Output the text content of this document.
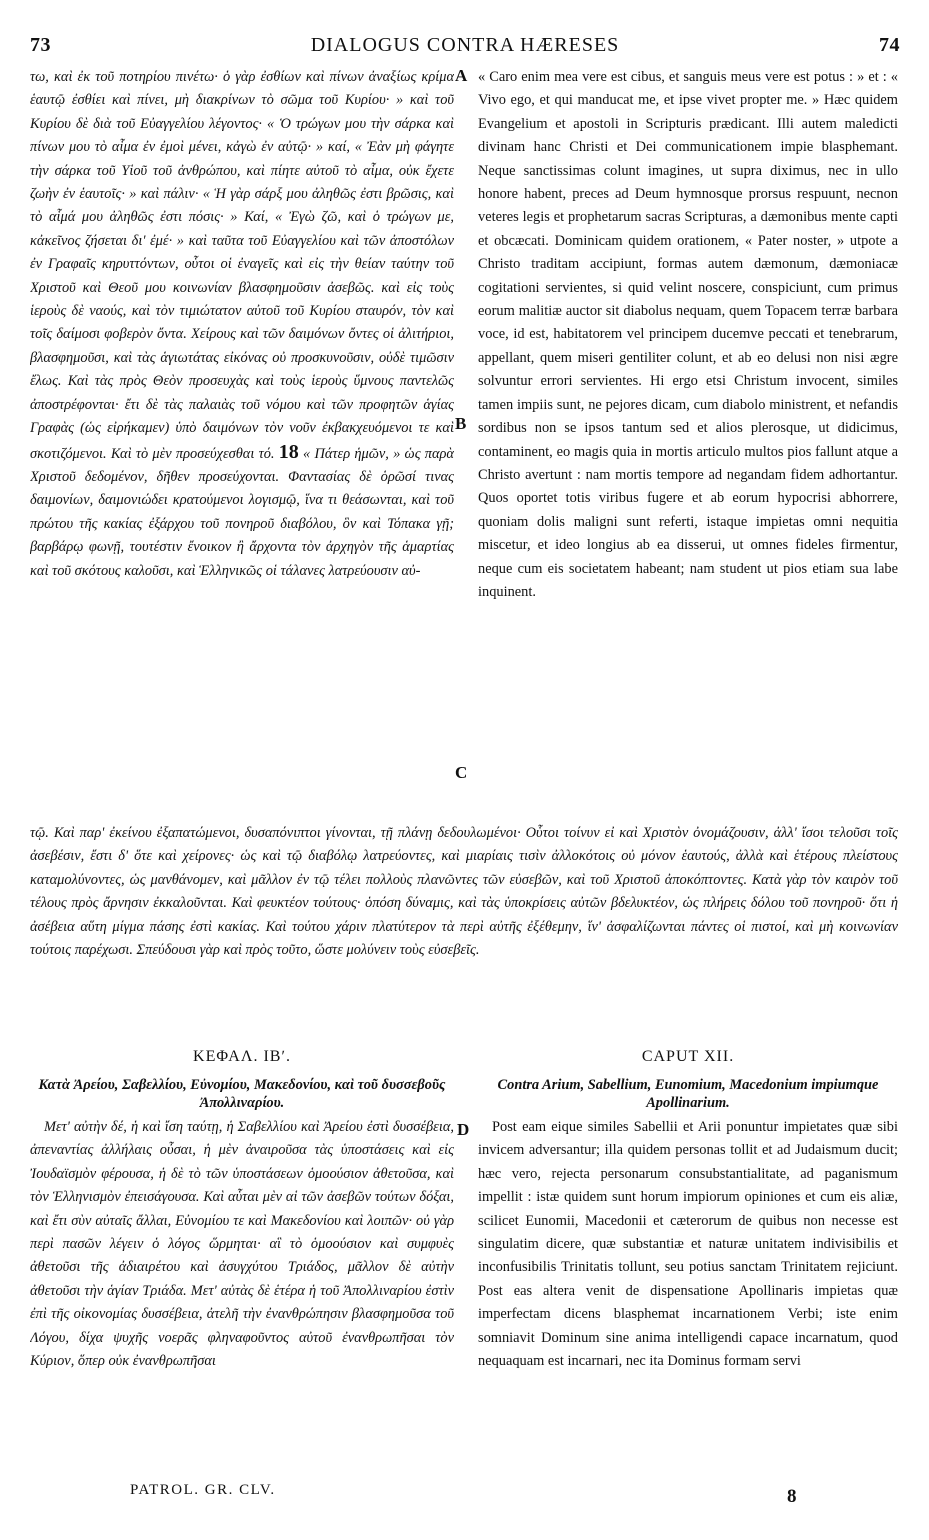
73	DIALOGUS CONTRA HÆRESES	74

τω, καὶ ἐκ τοῦ ποτηρίου πινέτω· ὁ γὰρ ἐσθίων καὶ πίνων ἀναξίως κρίμα ἑαυτῷ ἐσθίει καὶ πίνει, μὴ διακρίνων τὸ σῶμα τοῦ Κυρίου· » καὶ τοῦ Κυρίου δὲ διὰ τοῦ Εὐαγγελίου λέγοντος· « Ὁ τρώγων μου τὴν σάρκα καὶ πίνων μου τὸ αἷμα ἐν ἐμοὶ μένει, κἀγὼ ἐν αὐτῷ· » καί, « Ἐὰν μὴ φάγητε τὴν σάρκα τοῦ Υἱοῦ τοῦ ἀνθρώπου, καὶ πίητε αὐτοῦ τὸ αἷμα, οὐκ ἔχετε ζωὴν ἐν ἑαυτοῖς· » καὶ πάλιν· « Ἡ γὰρ σάρξ μου ἀληθῶς ἐστι βρῶσις, καὶ τὸ αἷμά μου ἀληθῶς ἐστι πόσις· » Καί, « Ἐγὼ ζῶ, καὶ ὁ τρώγων με, κἀκεῖνος ζήσεται δι' ἐμέ· » καὶ ταῦτα τοῦ Εὐαγγελίου καὶ τῶν ἀποστόλων ἐν Γραφαῖς κηρυττόντων, οὗτοι οἱ ἐναγεῖς καὶ εἰς τὴν θείαν ταύτην τοῦ Χριστοῦ καὶ Θεοῦ μου κοινωνίαν βλασφημοῦσιν ἀσεβῶς. καὶ εἰς τοὺς ἱεροὺς δὲ ναούς, καὶ τὸν τιμιώτατον αὐτοῦ τοῦ Κυρίου σταυρόν, τὸν καὶ τοῖς δαίμοσι φοβερὸν ὄντα. Χείρους καὶ τῶν δαιμόνων ὄντες οἱ ἀλιτήριοι, βλασφημοῦσι, καὶ τὰς ἁγιωτάτας εἰκόνας οὐ προσκυνοῦσιν, οὐδὲ τιμῶσιν ἔλως. Καὶ τὰς πρὸς Θεὸν προσευχὰς καὶ τοὺς ἱεροὺς ὕμνους παντελῶς ἀποστρέφονται· ἔτι δὲ τὰς παλαιὰς τοῦ νόμου καὶ τῶν προφητῶν ἁγίας Γραφὰς (ὡς εἰρήκαμεν) ὑπὸ δαιμόνων τὸν νοῦν ἐκβακχευόμενοι τε καὶ σκοτιζόμενοι. Καὶ τὸ μὲν προσεύχεσθαι τό. 18 « Πάτερ ἡμῶν, » ὡς παρὰ Χριστοῦ δεδομένον, δῆθεν προσεύχονται. Φαντασίας δὲ ὁρῶσί τινας δαιμονίων, δαιμονιώδει κρατούμενοι λογισμῷ, ἵνα τι θεάσωνται, καὶ τοῦ πρώτου τῆς κακίας ἐξάρχου τοῦ πονηροῦ διαβόλου, ὃν καὶ Τόπακα γῇ; βαρβάρῳ φωνῇ, τουτέστιν ἔνοικον ἢ ἄρχοντα τὸν ἀρχηγὸν τῆς ἁμαρτίας καὶ τοῦ σκότους καλοῦσι, καὶ Ἑλληνικῶς οἱ τάλανες λατρεύουσιν αὐ-

A
B
C
D

« Caro enim mea vere est cibus, et sanguis meus vere est potus : » et : « Vivo ego, et qui manducat me, et ipse vivet propter me. » Hæc quidem Evangelium et apostoli in Scripturis prædicant. Illi autem maledicti divinam hanc Christi et Dei communicationem impie blasphemant. Neque sanctissimas colunt imagines, ut supra diximus, nec in ullo honore habent, preces ad Deum hymnosque prorsus respuunt, necnon veteres legis et prophetarum sacras Scripturas, a dæmonibus mente capti et obcæcati. Dominicam quidem orationem, « Pater noster, » utpote a Christo traditam accipiunt, formas autem dæmonum, dæmoniacæ cogitationi servientes, si quid velint noscere, conspiciunt, cum primus eorum malitiæ auctor sit diabolus nequam, quem Topacem terræ barbara voce, id est, habitatorem vel principem ducemve peccati et tenebrarum, appellant, quem miseri gentiliter colunt, et ab eo delusi non nisi ægre solvuntur errori servientes. Hi ergo etsi Christum invocent, similes tamen impiis sunt, ne pejores dicam, cum diabolo ministrent, et nefandis sordibus non se ipsos tantum sed et alios plerosque, ut didicimus, contaminent, eo magis quia in mortis articulo multos pios fallunt atque a Christo avertunt : nam mortis tempore ad negandam fidem adhortantur. Quos oportet totis viribus fugere et ab eorum hypocrisi abhorrere, quoniam dolis maligni sunt referti, istaque impietas omni nequitia miscetur, et ideo longius ab ea disserui, ut omnes fideles firmentur, neque cum eis societatem habeant; nam student ut pios etiam sua labe inquinent.

τῷ. Καὶ παρ' ἐκείνου ἐξαπατώμενοι, δυσαπόνιπτοι γίνονται, τῇ πλάνῃ δεδουλωμένοι· Οὗτοι τοίνυν εἰ καὶ Χριστὸν ὀνομάζουσιν, ἀλλ' ἴσοι τελοῦσι τοῖς ἀσεβέσιν, ἔστι δ' ὅτε καὶ χείρονες· ὡς καὶ τῷ διαβόλῳ λατρεύοντες, καὶ μιαρίαις τισὶν ἀλλοκότοις οὐ μόνον ἑαυτούς, ἀλλὰ καὶ ἑτέρους πλείστους καταμολύνοντες, ὡς μανθάνομεν, καὶ μᾶλλον ἐν τῷ τέλει πολλοὺς πλανῶντες τῶν εὐσεβῶν, καὶ τοῦ Χριστοῦ ἀποκόπτοντες. Κατὰ γὰρ τὸν καιρὸν τοῦ τέλους πρὸς ἄρνησιν ἐκκαλοῦνται. Καὶ φευκτέον τούτους· ὁπόση δύναμις, καὶ τὰς ὑποκρίσεις αὐτῶν βδελυκτέον, ὡς πλήρεις δόλου τοῦ πονηροῦ· ὅτι ἡ ἀσέβεια αὕτη μίγμα πάσης ἐστὶ κακίας. Καὶ τούτου χάριν πλατύτερον τὰ περὶ αὐτῆς ἐξέθεμην, ἵν' ἀσφαλίζωνται πάντες οἱ πιστοί, καὶ μὴ κοινωνίαν τούτοις παρέχωσι. Σπεύδουσι γὰρ καὶ πρὸς τοῦτο, ὥστε μολύνειν τοὺς εὐσεβεῖς.

ΚΕΦΑΛ. ΙΒʹ.	CAPUT XII.
Κατὰ Ἀρείου, Σαβελλίου, Εὐνομίου, Μακεδονίου, καὶ τοῦ δυσσεβοῦς Ἀπολλιναρίου.
Contra Arium, Sabellium, Eunomium, Macedonium impiumque Apollinarium.

Μετ' αὐτὴν δέ, ἡ καὶ ἴση ταύτῃ, ἡ Σαβελλίου καὶ Ἀρείου ἐστὶ δυσσέβεια, ἀπεναντίας ἀλλήλαις οὖσαι, ἡ μὲν ἀναιροῦσα τὰς ὑποστάσεις καὶ εἰς Ἰουδαϊσμὸν φέρουσα, ἡ δὲ τὸ τῶν ὑποστάσεων ὁμοούσιον ἀθετοῦσα, καὶ τὸν Ἑλληνισμὸν ἐπεισάγουσα. Καὶ αὗται μὲν αἱ τῶν ἀσεβῶν τούτων δόξαι, καὶ ἔτι σὺν αὐταῖς ἄλλαι, Εὐνομίου τε καὶ Μακεδονίου καὶ λοιπῶν· οὐ γὰρ περὶ πασῶν λέγειν ὁ λόγος ὥρμηται· αἳ τὸ ὁμοούσιον καὶ συμφυὲς ἀθετοῦσι τῆς ἀδιαιρέτου καὶ ἀσυγχύτου Τριάδος, μᾶλλον δὲ αὐτὴν ἀθετοῦσι τὴν ἁγίαν Τριάδα. Μετ' αὐτὰς δὲ ἑτέρα ἡ τοῦ Ἀπολλιναρίου ἐστὶν ἐπὶ τῆς οἰκονομίας δυσσέβεια, ἀτελῆ τὴν ἐνανθρώπησιν βλασφημοῦσα τοῦ Λόγου, δίχα ψυχῆς νοερᾶς φληναφοῦντος αὐτοῦ ἐνανθρωπῆσαι τὸν Κύριον, ὅπερ οὐκ ἐνανθρωπῆσαι

Post eam eique similes Sabellii et Arii ponuntur impietates quæ sibi invicem adversantur; illa quidem personas tollit et ad Judaismum ducit; hæc vero, rejecta personarum consubstantialitate, ad paganismum impellit : istæ quidem sunt horum impiorum opiniones et cum eis aliæ, scilicet Eunomii, Macedonii et cæterorum de quibus non necesse est singulatim dicere, quæ substantiæ et naturæ unitatem indivisibilis et inconfusibilis Trinitatis tollunt, seu potius sanctam Trinitatem rejiciunt. Post eas altera venit de dispensatione Apollinaris impietas quæ imperfectam dicens blasphemat incarnationem Verbi; iste enim somniavit Dominum sine anima intelligendi capace incarnatum, quod nequaquam est incarnari, nec ita Dominus formam servi

PATROL. GR. CLV.	8
